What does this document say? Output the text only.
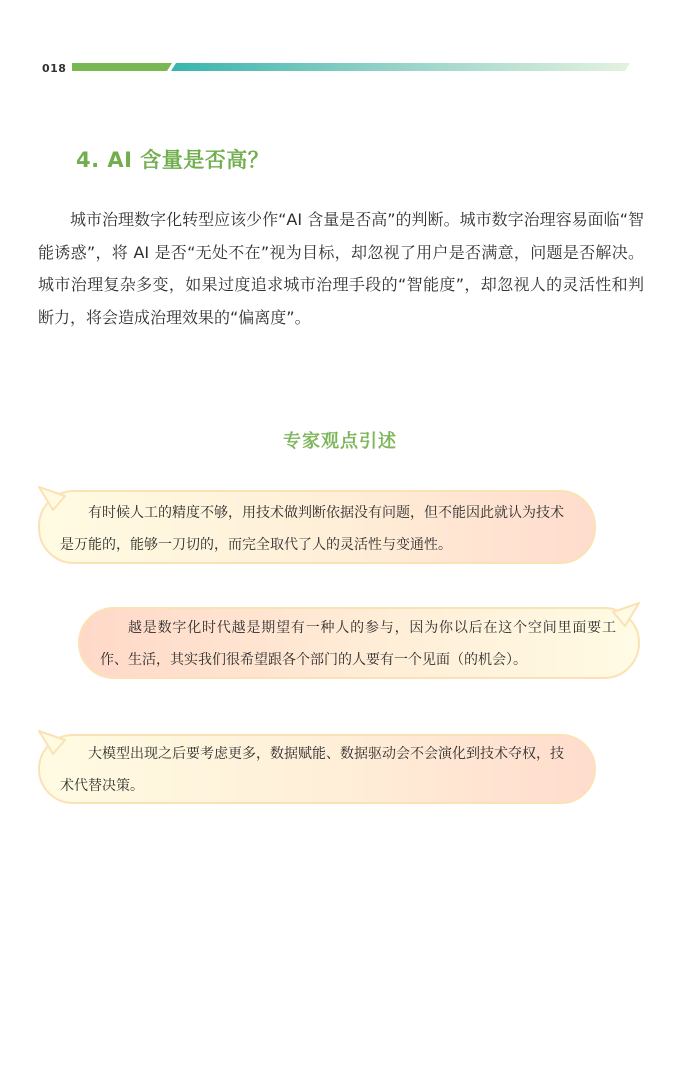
018
4. AI 含量是否高？

城市治理数字化转型应该少作“AI 含量是否高”的判断。城市数字治理容易面临“智能诱惑”，将 AI 是否“无处不在”视为目标，却忽视了用户是否满意，问题是否解决。城市治理复杂多变，如果过度追求城市治理手段的“智能度”，却忽视人的灵活性和判断力，将会造成治理效果的“偏离度”。

专家观点引述

有时候人工的精度不够，用技术做判断依据没有问题，但不能因此就认为技术是万能的，能够一刀切的，而完全取代了人的灵活性与变通性。

越是数字化时代越是期望有一种人的参与，因为你以后在这个空间里面要工作、生活，其实我们很希望跟各个部门的人要有一个见面（的机会）。

大模型出现之后要考虑更多，数据赋能、数据驱动会不会演化到技术夺权，技术代替决策。
